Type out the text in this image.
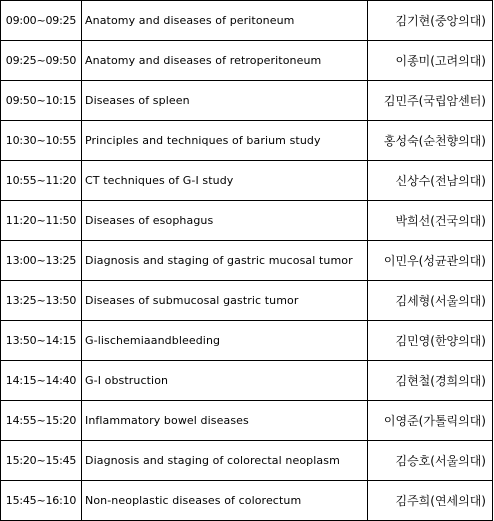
09:00~09:25	Anatomy and diseases of peritoneum	김기현(중앙의대)
09:25~09:50	Anatomy and diseases of retroperitoneum	이종미(고려의대)
09:50~10:15	Diseases of spleen	김민주(국립암센터)
10:30~10:55	Principles and techniques of barium study	홍성숙(순천향의대)
10:55~11:20	CT techniques of G-I study	신상수(전남의대)
11:20~11:50	Diseases of esophagus	박희선(건국의대)
13:00~13:25	Diagnosis and staging of gastric mucosal tumor	이민우(성균관의대)
13:25~13:50	Diseases of submucosal gastric tumor	김세형(서울의대)
13:50~14:15	G-lischemiaandbleeding	김민영(한양의대)
14:15~14:40	G-I obstruction	김현철(경희의대)
14:55~15:20	Inflammatory bowel diseases	이영준(가톨릭의대)
15:20~15:45	Diagnosis and staging of colorectal neoplasm	김승호(서울의대)
15:45~16:10	Non-neoplastic diseases of colorectum	김주희(연세의대)
